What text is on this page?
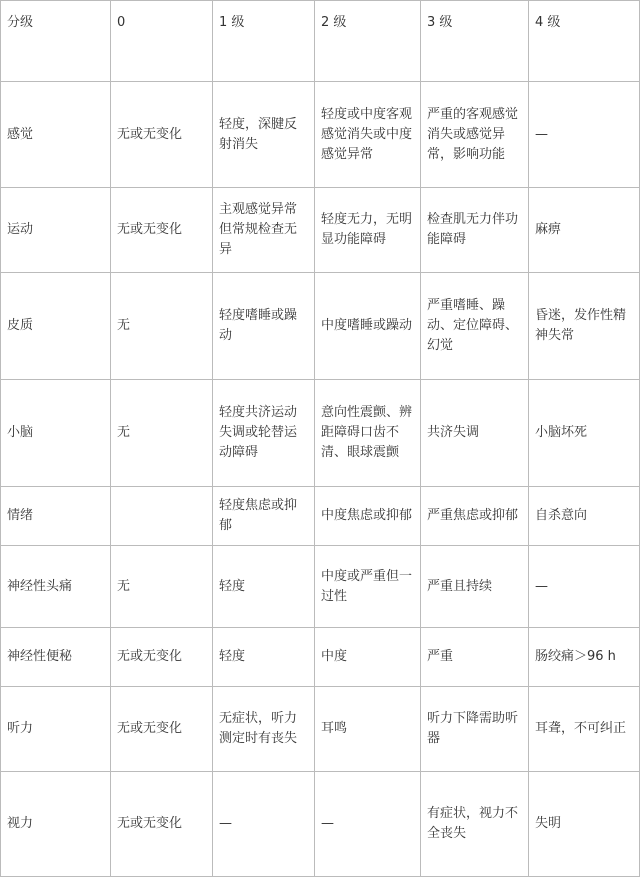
分级	0	1 级	2 级	3 级	4 级
感觉	无或无变化	轻度，深腱反射消失	轻度或中度客观感觉消失或中度感觉异常	严重的客观感觉消失或感觉异常，影响功能	—
运动	无或无变化	主观感觉异常但常规检查无异	轻度无力，无明显功能障碍	检查肌无力伴功能障碍	麻痹
皮质	无	轻度嗜睡或躁动	中度嗜睡或躁动	严重嗜睡、躁动、定位障碍、幻觉	昏迷，发作性精神失常
小脑	无	轻度共济运动失调或轮替运动障碍	意向性震颤、辨距障碍口齿不清、眼球震颤	共济失调	小脑坏死
情绪		轻度焦虑或抑郁	中度焦虑或抑郁	严重焦虑或抑郁	自杀意向
神经性头痛	无	轻度	中度或严重但一过性	严重且持续	—
神经性便秘	无或无变化	轻度	中度	严重	肠绞痛＞96 h
听力	无或无变化	无症状，听力测定时有丧失	耳鸣	听力下降需助听器	耳聋，不可纠正
视力	无或无变化	—	—	有症状，视力不全丧失	失明
